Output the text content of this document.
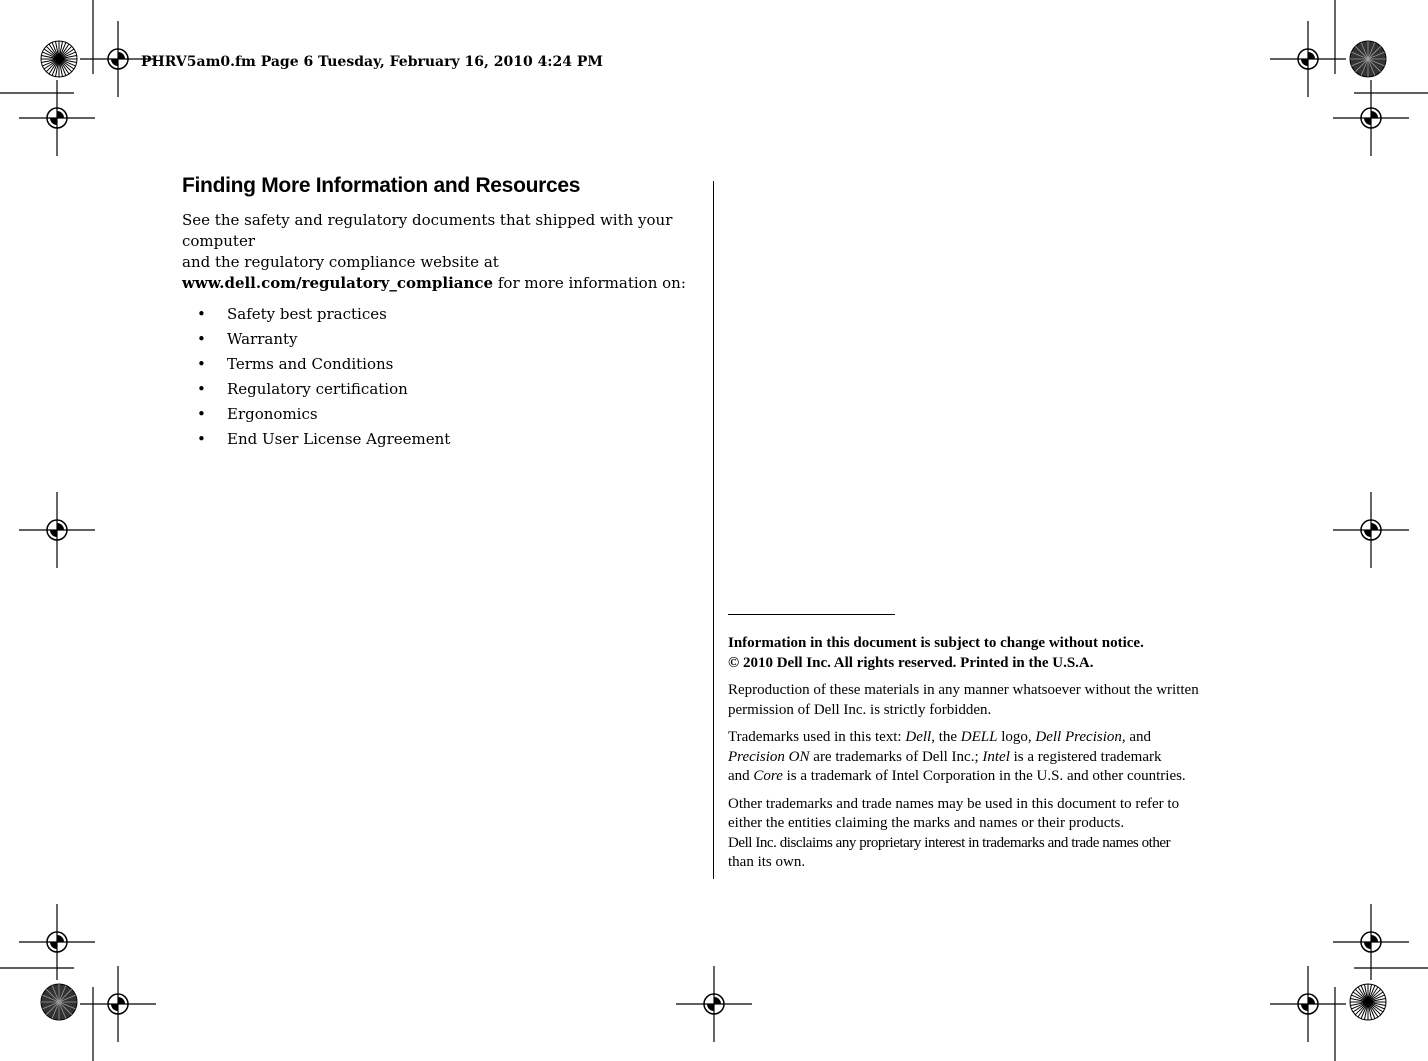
PHRV5am0.fm Page 6 Tuesday, February 16, 2010 4:24 PM

Finding More Information and Resources

See the safety and regulatory documents that shipped with your computer
and the regulatory compliance website at
www.dell.com/regulatory_compliance for more information on:

• Safety best practices
• Warranty
• Terms and Conditions
• Regulatory certification
• Ergonomics
• End User License Agreement
Information in this document is subject to change without notice.
© 2010 Dell Inc. All rights reserved. Printed in the U.S.A.
Reproduction of these materials in any manner whatsoever without the written
permission of Dell Inc. is strictly forbidden.
Trademarks used in this text: Dell, the DELL logo, Dell Precision, and
Precision ON are trademarks of Dell Inc.; Intel is a registered trademark
and Core is a trademark of Intel Corporation in the U.S. and other countries.
Other trademarks and trade names may be used in this document to refer to
either the entities claiming the marks and names or their products.
Dell Inc. disclaims any proprietary interest in trademarks and trade names other
than its own.
